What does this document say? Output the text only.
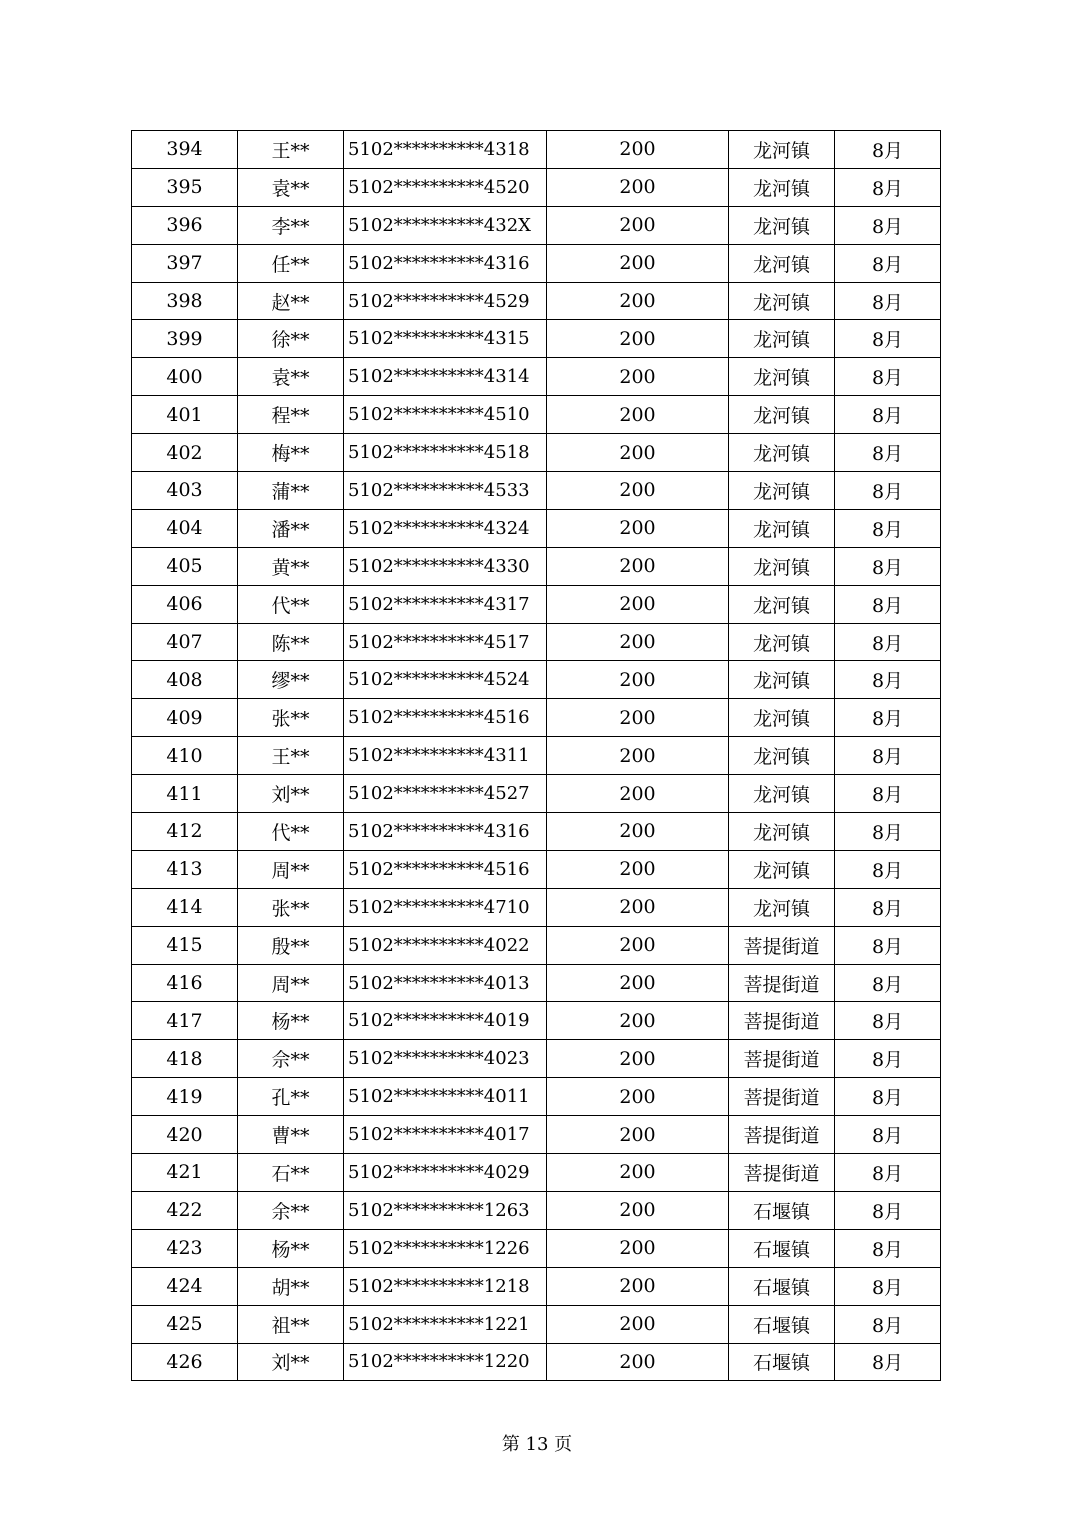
394	王**	5102**********4318	200	龙河镇	8月
395	袁**	5102**********4520	200	龙河镇	8月
396	李**	5102**********432X	200	龙河镇	8月
397	任**	5102**********4316	200	龙河镇	8月
398	赵**	5102**********4529	200	龙河镇	8月
399	徐**	5102**********4315	200	龙河镇	8月
400	袁**	5102**********4314	200	龙河镇	8月
401	程**	5102**********4510	200	龙河镇	8月
402	梅**	5102**********4518	200	龙河镇	8月
403	蒲**	5102**********4533	200	龙河镇	8月
404	潘**	5102**********4324	200	龙河镇	8月
405	黄**	5102**********4330	200	龙河镇	8月
406	代**	5102**********4317	200	龙河镇	8月
407	陈**	5102**********4517	200	龙河镇	8月
408	缪**	5102**********4524	200	龙河镇	8月
409	张**	5102**********4516	200	龙河镇	8月
410	王**	5102**********4311	200	龙河镇	8月
411	刘**	5102**********4527	200	龙河镇	8月
412	代**	5102**********4316	200	龙河镇	8月
413	周**	5102**********4516	200	龙河镇	8月
414	张**	5102**********4710	200	龙河镇	8月
415	殷**	5102**********4022	200	菩提街道	8月
416	周**	5102**********4013	200	菩提街道	8月
417	杨**	5102**********4019	200	菩提街道	8月
418	佘**	5102**********4023	200	菩提街道	8月
419	孔**	5102**********4011	200	菩提街道	8月
420	曹**	5102**********4017	200	菩提街道	8月
421	石**	5102**********4029	200	菩提街道	8月
422	余**	5102**********1263	200	石堰镇	8月
423	杨**	5102**********1226	200	石堰镇	8月
424	胡**	5102**********1218	200	石堰镇	8月
425	祖**	5102**********1221	200	石堰镇	8月
426	刘**	5102**********1220	200	石堰镇	8月
第 13 页
